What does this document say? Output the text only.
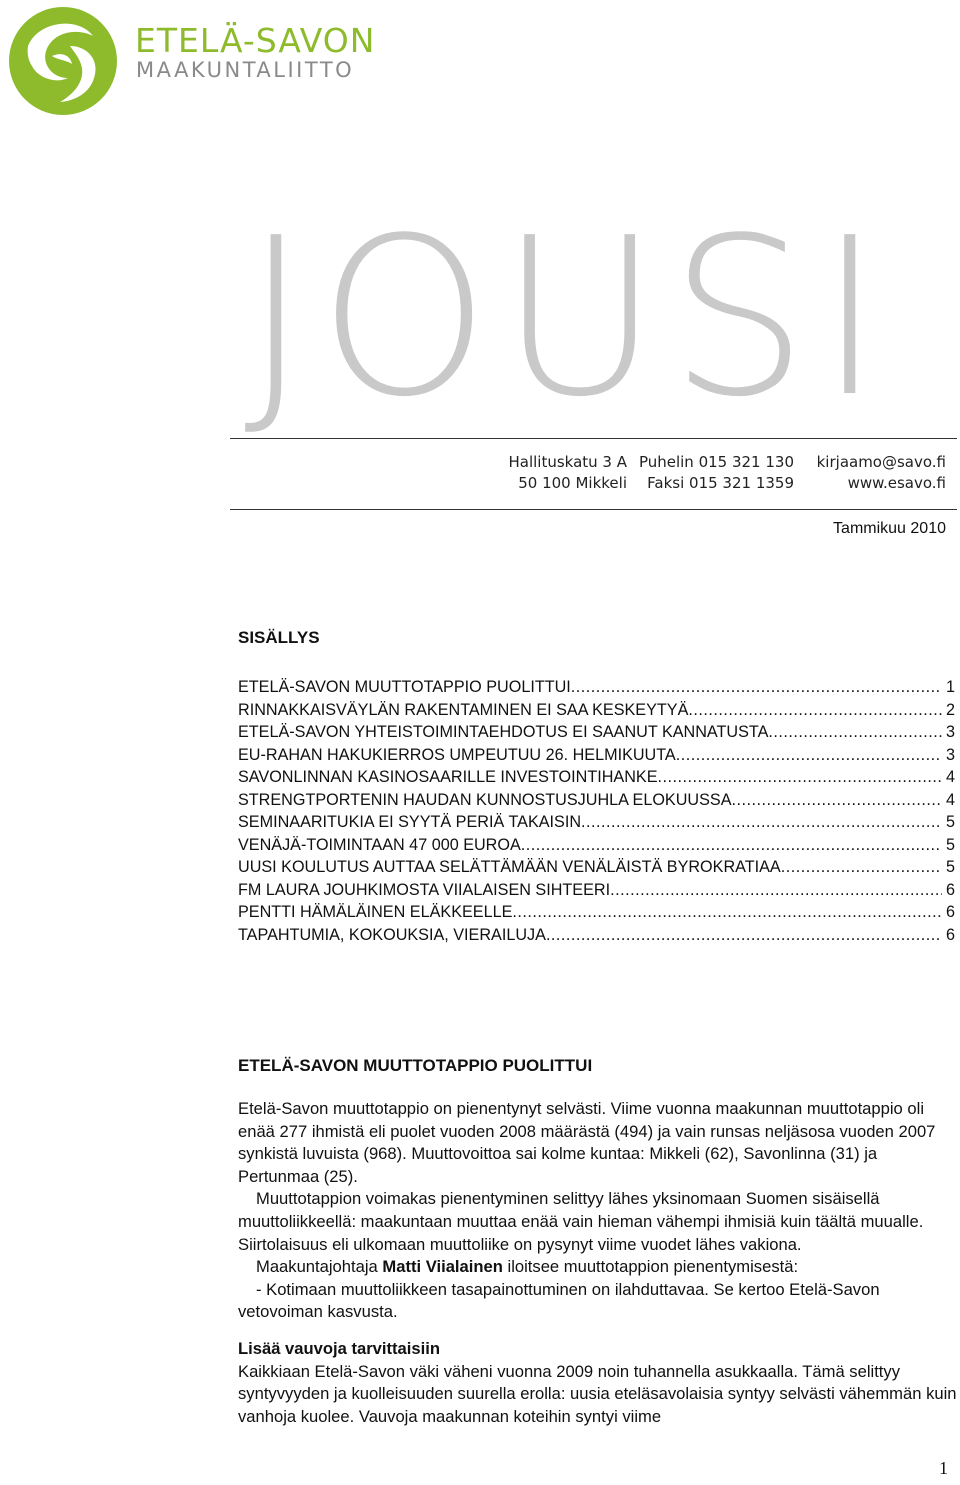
ETELÄ-SAVON
MAAKUNTALIITTO
JOUSI
Hallituskatu 3 A
50 100 Mikkeli
Puhelin 015 321 130
Faksi 015 321 1359
kirjaamo@savo.fi
www.esavo.fi
Tammikuu 2010
SISÄLLYS
ETELÄ-SAVON MUUTTOTAPPIO PUOLITTUI .....	1
RINNAKKAISVÄYLÄN RAKENTAMINEN EI SAA KESKEYTYÄ .....	2
ETELÄ-SAVON YHTEISTOIMINTAEHDOTUS EI SAANUT KANNATUSTA .....	3
EU-RAHAN HAKUKIERROS UMPEUTUU 26. HELMIKUUTA .....	3
SAVONLINNAN KASINOSAARILLE INVESTOINTIHANKE .....	4
STRENGTPORTENIN HAUDAN KUNNOSTUSJUHLA ELOKUUSSA .....	4
SEMINAARITUKIA EI SYYTÄ PERIÄ TAKAISIN .....	5
VENÄJÄ-TOIMINTAAN 47 000 EUROA .....	5
UUSI KOULUTUS AUTTAA SELÄTTÄMÄÄN VENÄLÄISTÄ BYROKRATIAA .....	5
FM LAURA JOUHKIMOSTA VIIALAISEN SIHTEERI .....	6
PENTTI HÄMÄLÄINEN ELÄKKEELLE .....	6
TAPAHTUMIA, KOKOUKSIA, VIERAILUJA .....	6
ETELÄ-SAVON MUUTTOTAPPIO PUOLITTUI

Etelä-Savon muuttotappio on pienentynyt selvästi. Viime vuonna maakunnan muuttotappio oli enää 277 ihmistä eli puolet vuoden 2008 määrästä (494) ja vain runsas neljäsosa vuoden 2007 synkistä luvuista (968). Muuttovoittoa sai kolme kuntaa: Mikkeli (62), Savonlinna (31) ja Pertunmaa (25).

Muuttotappion voimakas pienentyminen selittyy lähes yksinomaan Suomen sisäisellä muuttoliikkeellä: maakuntaan muuttaa enää vain hieman vähempi ihmisiä kuin täältä muualle. Siirtolaisuus eli ulkomaan muuttoliike on pysynyt viime vuodet lähes vakiona.

Maakuntajohtaja Matti Viialainen iloitsee muuttotappion pienentymisestä:

- Kotimaan muuttoliikkeen tasapainottuminen on ilahduttavaa. Se kertoo Etelä-Savon vetovoiman kasvusta.

Lisää vauvoja tarvittaisiin

Kaikkiaan Etelä-Savon väki väheni vuonna 2009 noin tuhannella asukkaalla. Tämä selittyy syntyvyyden ja kuolleisuuden suurella erolla: uusia eteläsavolaisia syntyy selvästi vähemmän kuin vanhoja kuolee. Vauvoja maakunnan koteihin syntyi viime

1
